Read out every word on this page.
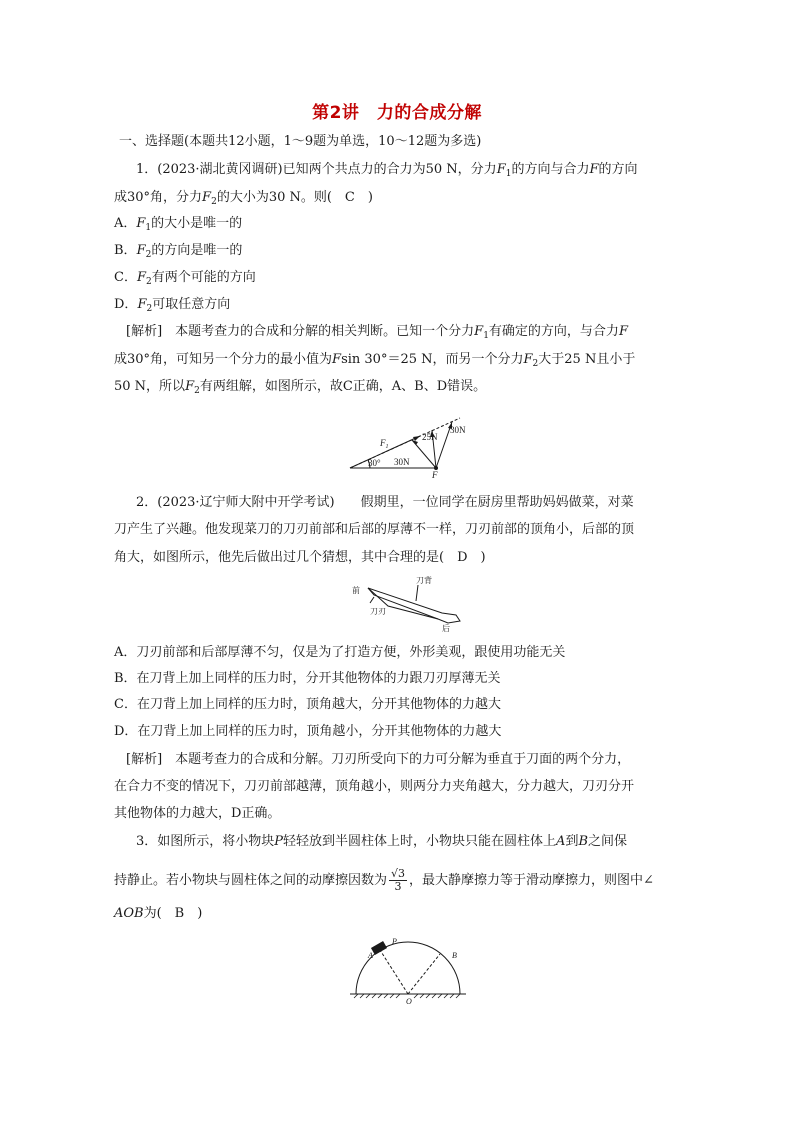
第2讲　力的合成分解
一、选择题(本题共12小题，1～9题为单选，10～12题为多选)
1．(2023·湖北黄冈调研)已知两个共点力的合力为50 N，分力$F_1$的方向与合力F的方向
成30°角，分力$F_2$的大小为30 N。则(　C　)
A．$F_1$的大小是唯一的
B．$F_2$的方向是唯一的
C．$F_2$有两个可能的方向
D．$F_2$可取任意方向
[解析]　本题考查力的合成和分解的相关判断。已知一个分力$F_1$有确定的方向，与合力F
成30°角，可知另一个分力的最小值为Fsin 30°＝25 N，而另一个分力$F_2$大于25 N且小于
50 N，所以$F_2$有两组解，如图所示，故C正确，A、B、D错误。
$F_1$
30° 30N
25N
30N
F
2．(2023·辽宁师大附中开学考试)　　假期里，一位同学在厨房里帮助妈妈做菜，对菜
刀产生了兴趣。他发现菜刀的刀刃前部和后部的厚薄不一样，刀刃前部的顶角小，后部的顶
角大，如图所示，他先后做出过几个猜想，其中合理的是(　D　)
前
刀背
刀刃
后
A．刀刃前部和后部厚薄不匀，仅是为了打造方便，外形美观，跟使用功能无关
B．在刀背上加上同样的压力时，分开其他物体的力跟刀刃厚薄无关
C．在刀背上加上同样的压力时，顶角越大，分开其他物体的力越大
D．在刀背上加上同样的压力时，顶角越小，分开其他物体的力越大
[解析]　本题考查力的合成和分解。刀刃所受向下的力可分解为垂直于刀面的两个分力，
在合力不变的情况下，刀刃前部越薄，顶角越小，则两分力夹角越大，分力越大，刀刃分开
其他物体的力越大，D正确。
3．如图所示，将小物块P轻轻放到半圆柱体上时，小物块只能在圆柱体上A到B之间保
持静止。若小物块与圆柱体之间的动摩擦因数为 $\frac{√3}{3}$ ，最大静摩擦力等于滑动摩擦力，则图中∠
AOB为(　B　)
P
A	B
O
